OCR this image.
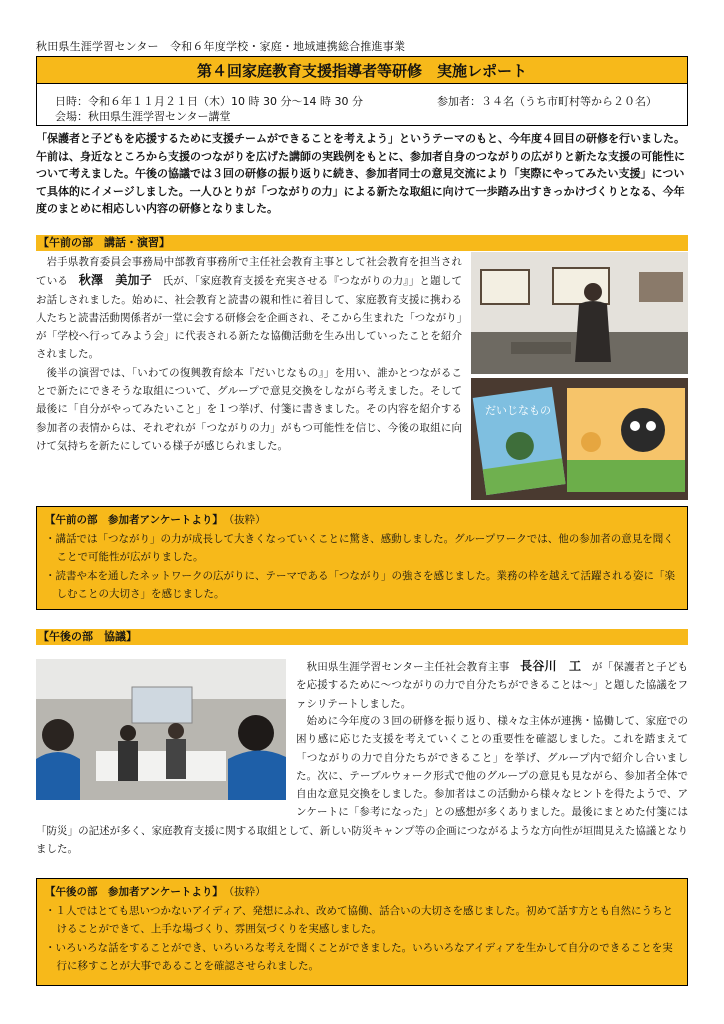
秋田県生涯学習センター　令和６年度学校・家庭・地域連携総合推進事業
第４回家庭教育支援指導者等研修　実施レポート
日時：令和６年１１月２１日（木）10 時 30 分～14 時 30 分	参加者：３４名（うち市町村等から２０名）
会場：秋田県生涯学習センター講堂
「保護者と子どもを応援するために支援チームができることを考えよう」というテーマのもと、今年度４回目の研修を行いました。午前は、身近なところから支援のつながりを広げた講師の実践例をもとに、参加者自身のつながりの広がりと新たな支援の可能性について考えました。午後の協議では３回の研修の振り返りに続き、参加者同士の意見交流により「実際にやってみたい支援」について具体的にイメージしました。一人ひとりが「つながりの力」による新たな取組に向けて一歩踏み出すきっかけづくりとなる、今年度のまとめに相応しい内容の研修となりました。
【午前の部　講話・演習】

岩手県教育委員会事務局中部教育事務所で主任社会教育主事として社会教育を担当されている　 秋澤　美加子　 氏が、「家庭教育支援を充実させる『つながりの力』」と題してお話しされました。始めに、社会教育と読書の親和性に着目して、家庭教育支援に携わる人たちと読書活動関係者が一堂に会する研修会を企画され、そこから生まれた「つながり」が「学校へ行ってみよう会」に代表される新たな協働活動を生み出していったことを紹介されました。

後半の演習では、「いわての復興教育絵本『だいじなもの』」を用い、誰かとつながることで新たにできそうな取組について、グループで意見交換をしながら考えました。そして最後に「自分がやってみたいこと」を１つ挙げ、付箋に書きました。その内容を紹介する参加者の表情からは、それぞれが「つながりの力」がもつ可能性を信じ、今後の取組に向けて気持ちを新たにしている様子が感じられました。

だいじなもの
【午前の部　参加者アンケートより】 （抜粋）
・講話では「つながり」の力が成長して大きくなっていくことに驚き、感動しました。グループワークでは、他の参加者の意見を聞くことで可能性が広がりました。
・読書や本を通したネットワークの広がりに、テーマである「つながり」の強さを感じました。業務の枠を越えて活躍される姿に「楽しむことの大切さ」を感じました。
【午後の部　協議】

秋田県生涯学習センター主任社会教育主事　 長谷川　工　 が「保護者と子どもを応援するために～つながりの力で自分たちができることは～」と題した協議をファシリテートしました。

始めに今年度の３回の研修を振り返り、様々な主体が連携・協働して、家庭での困り感に応じた支援を考えていくことの重要性を確認しました。これを踏まえて「つながりの力で自分たちができること」を挙げ、グループ内で紹介し合いました。次に、テーブルウォーク形式で他のグループの意見も見ながら、参加者全体で自由な意見交換をしました。参加者はこの活動から様々なヒントを得たようで、アンケートに「参考になった」との感想が多くありました。最後にまとめた付箋には「防災」の記述が多く、家庭教育支援に関する取組として、新しい防災キャンプ等の企画につながるような方向性が垣間見えた協議となりました。

【午後の部　参加者アンケートより】 （抜粋）
・１人ではとても思いつかないアイディア、発想にふれ、改めて協働、話合いの大切さを感じました。初めて話す方とも自然にうちとけることができて、上手な場づくり、雰囲気づくりを実感しました。
・いろいろな話をすることができ、いろいろな考えを聞くことができました。いろいろなアイディアを生かして自分のできることを実行に移すことが大事であることを確認させられました。
